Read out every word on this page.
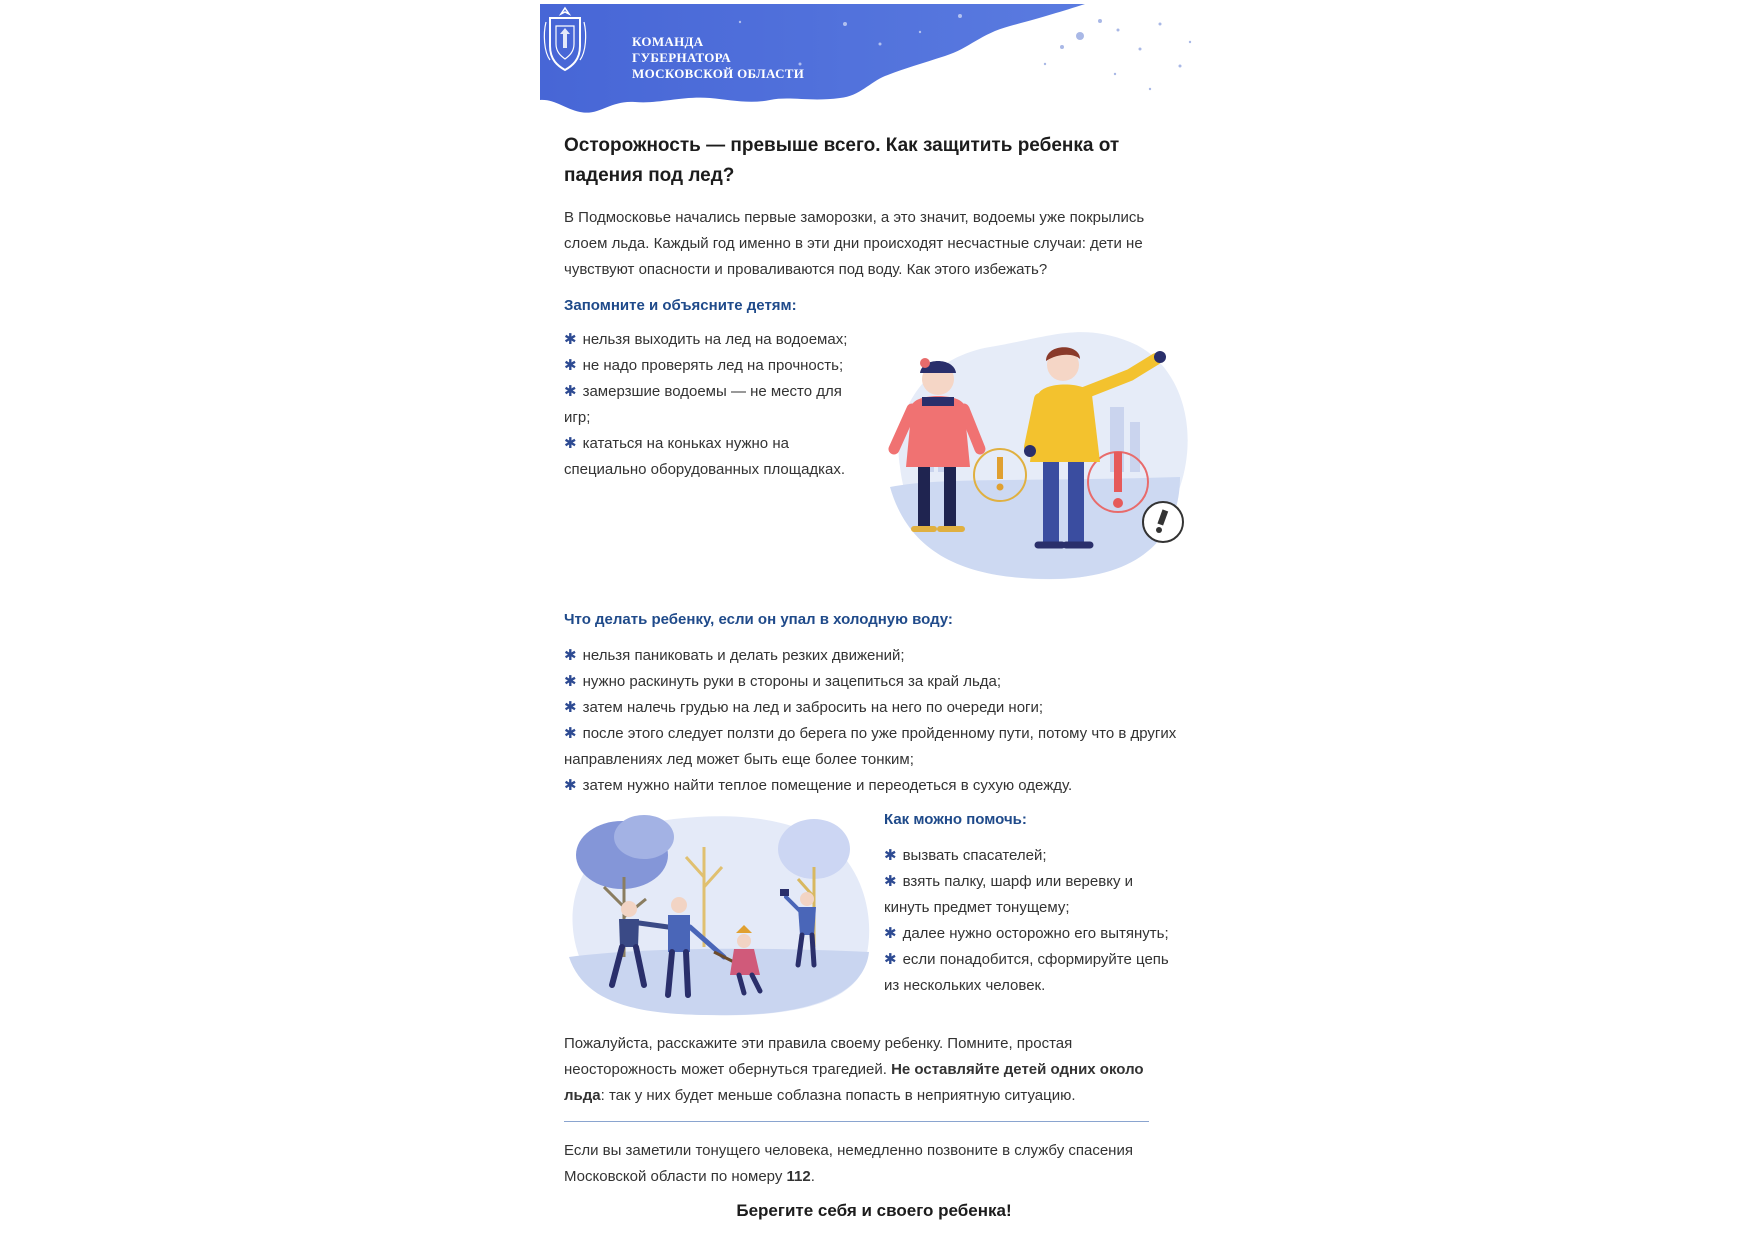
КОМАНДА
ГУБЕРНАТОРА
МОСКОВСКОЙ ОБЛАСТИ
Осторожность — превыше всего. Как защитить ребенка от падения под лед?

В Подмосковье начались первые заморозки, а это значит, водоемы уже покрылись слоем льда. Каждый год именно в эти дни происходят несчастные случаи: дети не чувствуют опасности и проваливаются под воду. Как этого избежать?

Запомните и объясните детям:
✱ нельзя выходить на лед на водоемах;
✱ не надо проверять лед на прочность;
✱ замерзшие водоемы — не место для игр;
✱ кататься на коньках нужно на специально оборудованных площадках.
Что делать ребенку, если он упал в холодную воду:
✱ нельзя паниковать и делать резких движений;
✱ нужно раскинуть руки в стороны и зацепиться за край льда;
✱ затем налечь грудью на лед и забросить на него по очереди ноги;
✱ после этого следует ползти до берега по уже пройденному пути, потому что в других направлениях лед может быть еще более тонким;
✱ затем нужно найти теплое помещение и переодеться в сухую одежду.
Как можно помочь:
✱ вызвать спасателей;
✱ взять палку, шарф или веревку и кинуть предмет тонущему;
✱ далее нужно осторожно его вытянуть;
✱ если понадобится, сформируйте цепь из нескольких человек.

Пожалуйста, расскажите эти правила своему ребенку. Помните, простая неосторожность может обернуться трагедией. Не оставляйте детей одних около льда: так у них будет меньше соблазна попасть в неприятную ситуацию.

Если вы заметили тонущего человека, немедленно позвоните в службу спасения Московской области по номеру 112.

Берегите себя и своего ребенка!
